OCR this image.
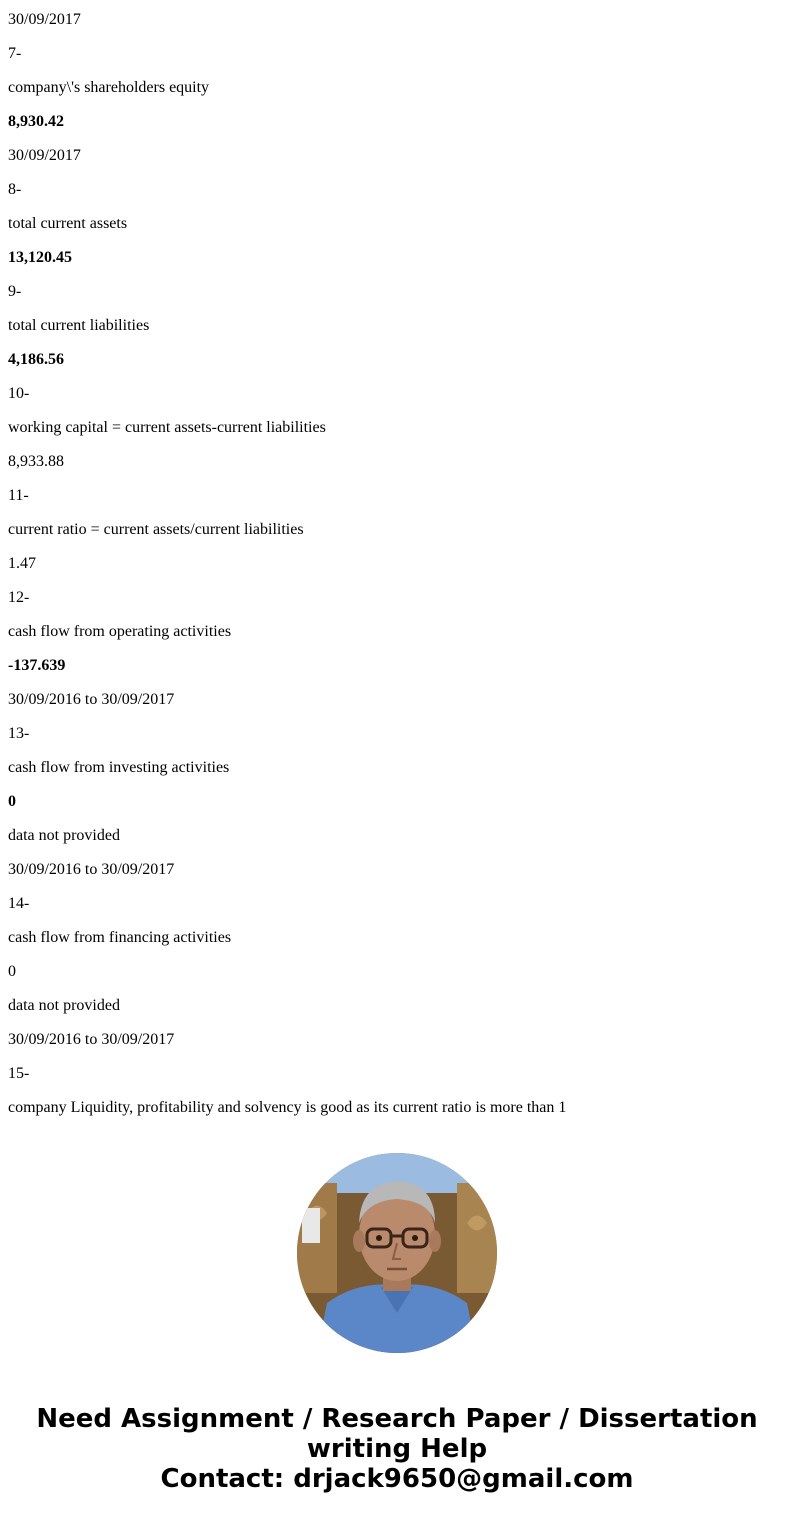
30/09/2017
7-
company\'s shareholders equity
8,930.42
30/09/2017
8-
total current assets
13,120.45
9-
total current liabilities
4,186.56
10-
working capital = current assets-current liabilities
8,933.88
11-
current ratio = current assets/current liabilities
1.47
12-
cash flow from operating activities
-137.639
30/09/2016 to 30/09/2017
13-
cash flow from investing activities
0
data not provided
30/09/2016 to 30/09/2017
14-
cash flow from financing activities
0
data not provided
30/09/2016 to 30/09/2017
15-
company Liquidity, profitability and solvency is good as its current ratio is more than 1
Need Assignment / Research Paper / Dissertation
writing Help
Contact: drjack9650@gmail.com
